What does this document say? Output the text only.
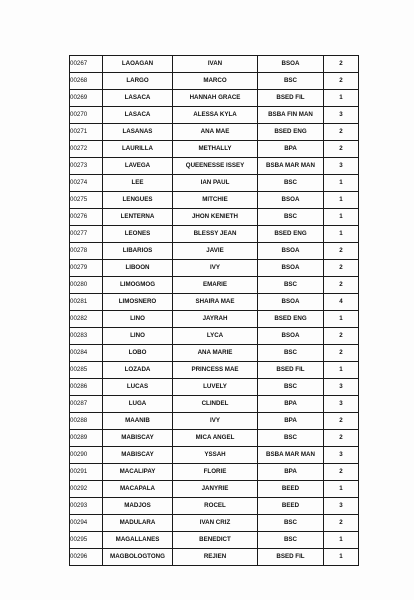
00267	LAOAGAN	IVAN	BSOA	2
00268	LARGO	MARCO	BSC	2
00269	LASACA	HANNAH GRACE	BSED FIL	1
00270	LASACA	ALESSA KYLA	BSBA FIN MAN	3
00271	LASANAS	ANA MAE	BSED ENG	2
00272	LAURILLA	METHALLY	BPA	2
00273	LAVEGA	QUEENESSE ISSEY	BSBA MAR MAN	3
00274	LEE	IAN PAUL	BSC	1
00275	LENGUES	MITCHIE	BSOA	1
00276	LENTERNA	JHON KENIETH	BSC	1
00277	LEONES	BLESSY JEAN	BSED ENG	1
00278	LIBARIOS	JAVIE	BSOA	2
00279	LIBOON	IVY	BSOA	2
00280	LIMOGMOG	EMARIE	BSC	2
00281	LIMOSNERO	SHAIRA MAE	BSOA	4
00282	LINO	JAYRAH	BSED ENG	1
00283	LINO	LYCA	BSOA	2
00284	LOBO	ANA MARIE	BSC	2
00285	LOZADA	PRINCESS MAE	BSED FIL	1
00286	LUCAS	LUVELY	BSC	3
00287	LUGA	CLINDEL	BPA	3
00288	MAANIB	IVY	BPA	2
00289	MABISCAY	MICA ANGEL	BSC	2
00290	MABISCAY	YSSAH	BSBA MAR MAN	3
00291	MACALIPAY	FLORIE	BPA	2
00292	MACAPALA	JANYRIE	BEED	1
00293	MADJOS	ROCEL	BEED	3
00294	MADULARA	IVAN CRIZ	BSC	2
00295	MAGALLANES	BENEDICT	BSC	1
00296	MAGBOLOGTONG	REJIEN	BSED FIL	1
